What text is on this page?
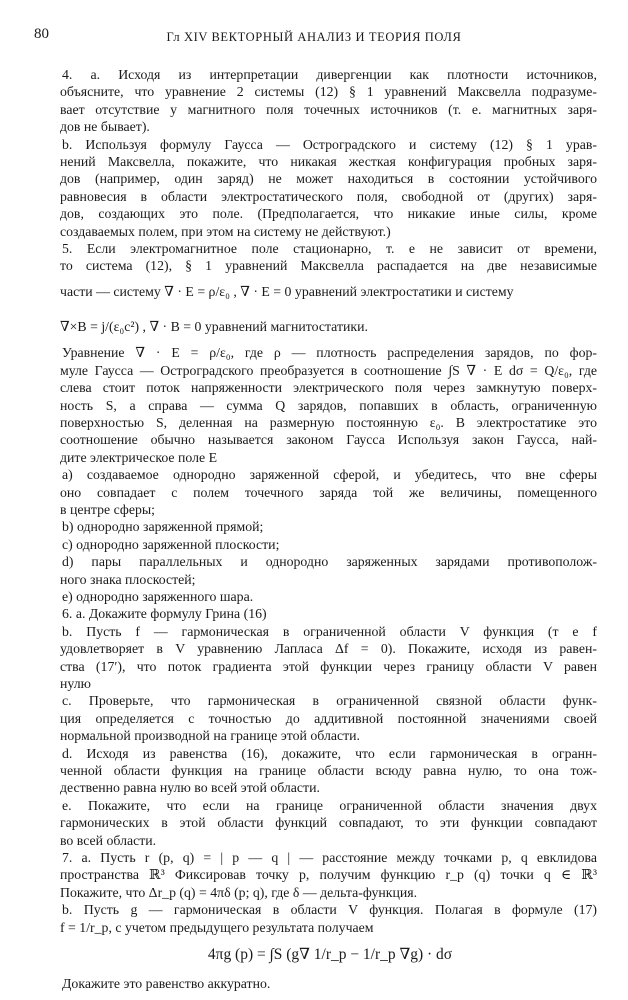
80	Гл XIV ВЕКТОРНЫЙ АНАЛИЗ И ТЕОРИЯ ПОЛЯ
4. a. Исходя из интерпретации дивергенции как плотности источников,
объясните, что уравнение 2 системы (12) § 1 уравнений Максвелла подразуме-
вает отсутствие у магнитного поля точечных источников (т. е. магнитных заря-
дов не бывает).
b. Используя формулу Гаусса — Остроградского и систему (12) § 1 урав-
нений Максвелла, покажите, что никакая жесткая конфигурация пробных заря-
дов (например, один заряд) не может находиться в состоянии устойчивого
равновесия в области электростатического поля, свободной от (других) заря-
дов, создающих это поле. (Предполагается, что никакие иные силы, кроме
создаваемых полем, при этом на систему не действуют.)
5. Если электромагнитное поле стационарно, т. е не зависит от времени,
то система (12), § 1 уравнений Максвелла распадается на две независимые
части — систему ∇ · E = ρ/ε₀ , ∇ · E = 0 уравнений электростатики и систему
∇×B = j/(ε₀c²) , ∇ · B = 0 уравнений магнитостатики.
Уравнение ∇ · E = ρ/ε₀, где ρ — плотность распределения зарядов, по фор-
муле Гаусса — Остроградского преобразуется в соотношение ∫S ∇ · E dσ = Q/ε₀, где
слева стоит поток напряженности электрического поля через замкнутую поверх-
ность S, а справа — сумма Q зарядов, попавших в область, ограниченную
поверхностью S, деленная на размерную постоянную ε₀. В электростатике это
соотношение обычно называется законом Гаусса Используя закон Гаусса, най-
дите электрическое поле E
a) создаваемое однородно заряженной сферой, и убедитесь, что вне сферы
оно совпадает с полем точечного заряда той же величины, помещенного
в центре сферы;
b) однородно заряженной прямой;
c) однородно заряженной плоскости;
d) пары параллельных и однородно заряженных зарядами противополож-
ного знака плоскостей;
e) однородно заряженного шара.
6. a. Докажите формулу Грина (16)
b. Пусть f — гармоническая в ограниченной области V функция (т е f
удовлетворяет в V уравнению Лапласа Δf = 0). Покажите, исходя из равен-
ства (17′), что поток градиента этой функции через границу области V равен
нулю
c. Проверьте, что гармоническая в ограниченной связной области функ-
ция определяется с точностью до аддитивной постоянной значениями своей
нормальной производной на границе этой области.
d. Исходя из равенства (16), докажите, что если гармоническая в огранн-
ченной области функция на границе области всюду равна нулю, то она тож-
дественно равна нулю во всей этой области.
e. Покажите, что если на границе ограниченной области значения двух
гармонических в этой области функций совпадают, то эти функции совпадают
во всей области.
7. a. Пусть r (p, q) = | p — q | — расстояние между точками p, q евклидова
пространства ℝ³ Фиксировав точку p, получим функцию r_p (q) точки q ∈ ℝ³
Покажите, что Δr_p (q) = 4πδ (p; q), где δ — дельта-функция.
b. Пусть g — гармоническая в области V функция. Полагая в формуле (17)
f = 1/r_p, с учетом предыдущего результата получаем
4πg (p) = ∫S (g∇ 1/r_p − 1/r_p ∇g) · dσ
Докажите это равенство аккуратно.
